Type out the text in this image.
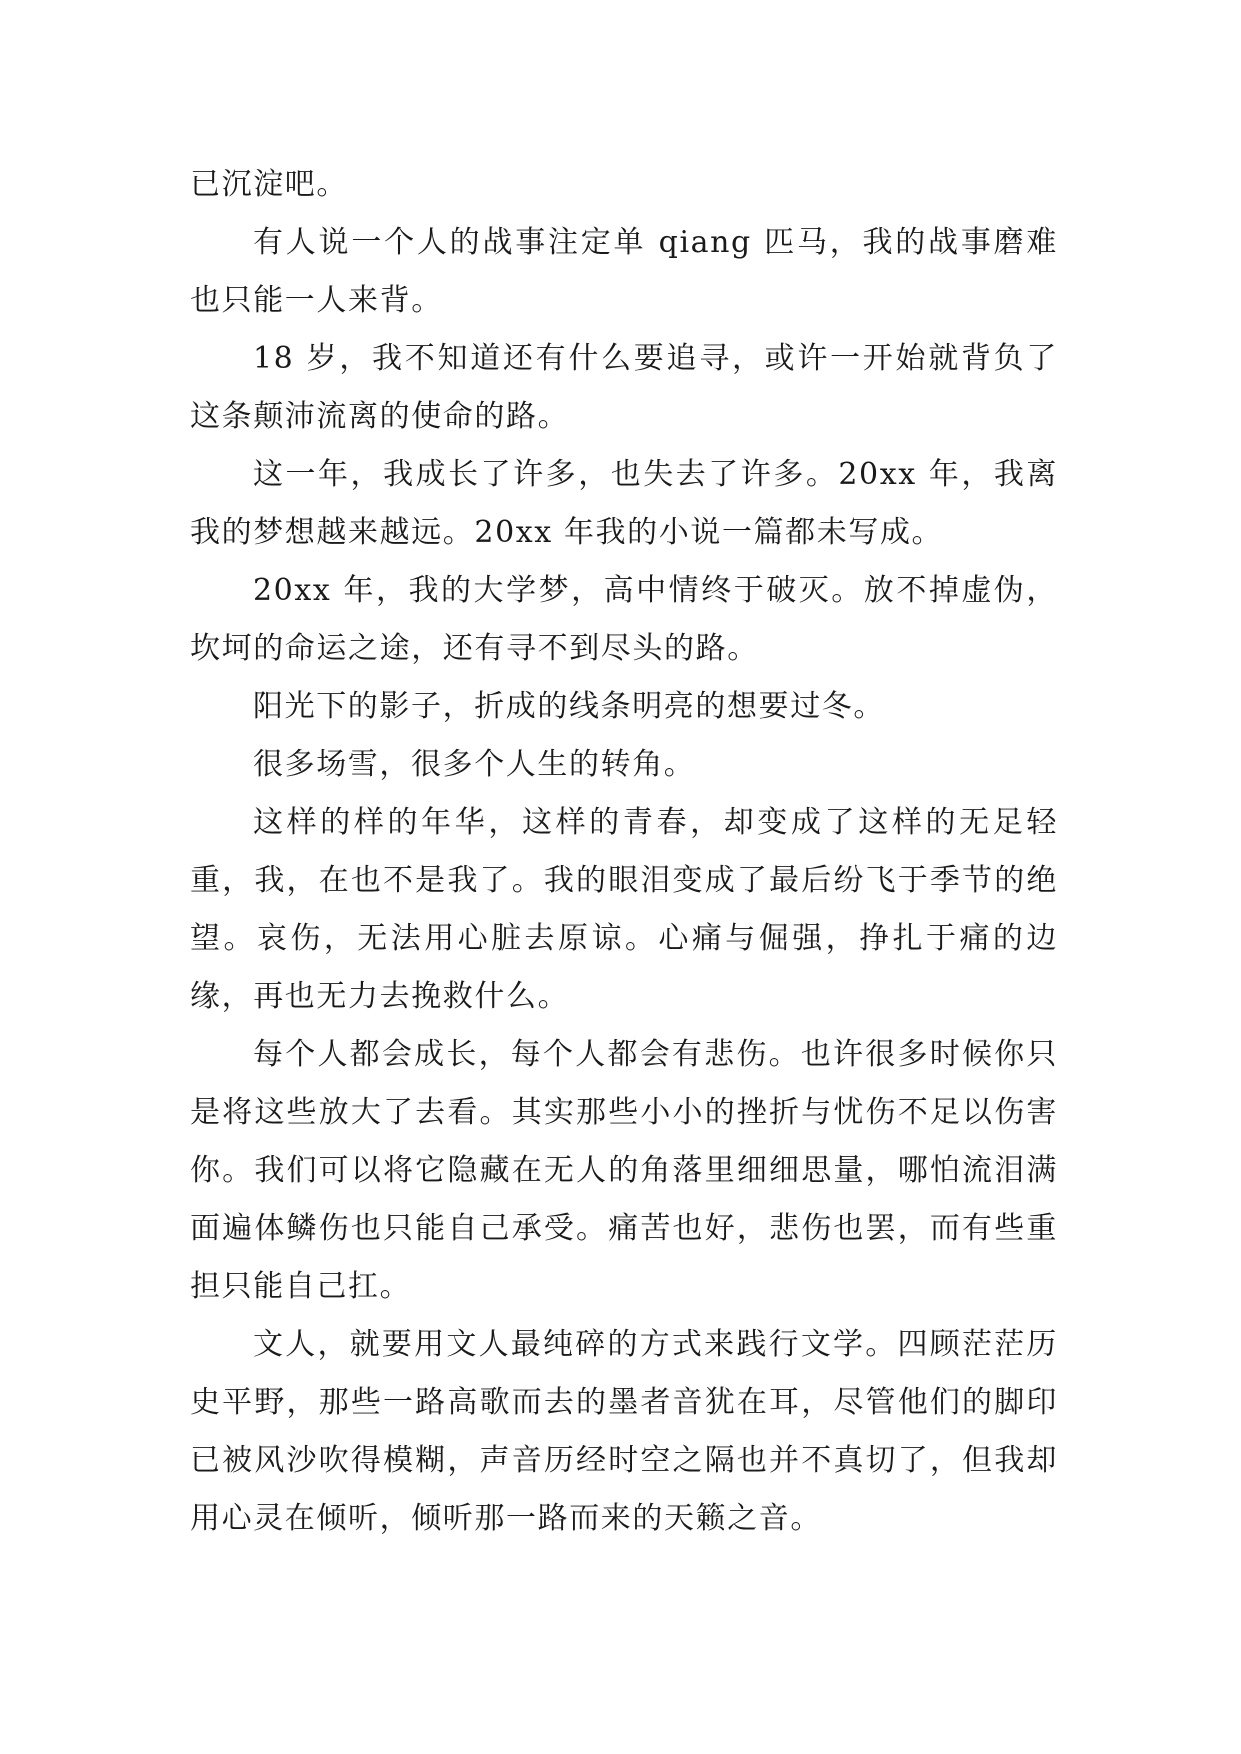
已沉淀吧。

有人说一个人的战事注定单 qiang 匹马，我的战事磨难也只能一人来背。

18 岁，我不知道还有什么要追寻，或许一开始就背负了这条颠沛流离的使命的路。

这一年，我成长了许多，也失去了许多。20xx 年，我离我的梦想越来越远。20xx 年我的小说一篇都未写成。

20xx 年，我的大学梦，高中情终于破灭。放不掉虚伪，坎坷的命运之途，还有寻不到尽头的路。

阳光下的影子，折成的线条明亮的想要过冬。

很多场雪，很多个人生的转角。

这样的样的年华，这样的青春，却变成了这样的无足轻重，我，在也不是我了。我的眼泪变成了最后纷飞于季节的绝望。哀伤，无法用心脏去原谅。心痛与倔强，挣扎于痛的边缘，再也无力去挽救什么。

每个人都会成长，每个人都会有悲伤。也许很多时候你只是将这些放大了去看。其实那些小小的挫折与忧伤不足以伤害你。我们可以将它隐藏在无人的角落里细细思量，哪怕流泪满面遍体鳞伤也只能自己承受。痛苦也好，悲伤也罢，而有些重担只能自己扛。

文人，就要用文人最纯碎的方式来践行文学。四顾茫茫历史平野，那些一路高歌而去的墨者音犹在耳，尽管他们的脚印已被风沙吹得模糊，声音历经时空之隔也并不真切了，但我却用心灵在倾听，倾听那一路而来的天籁之音。
